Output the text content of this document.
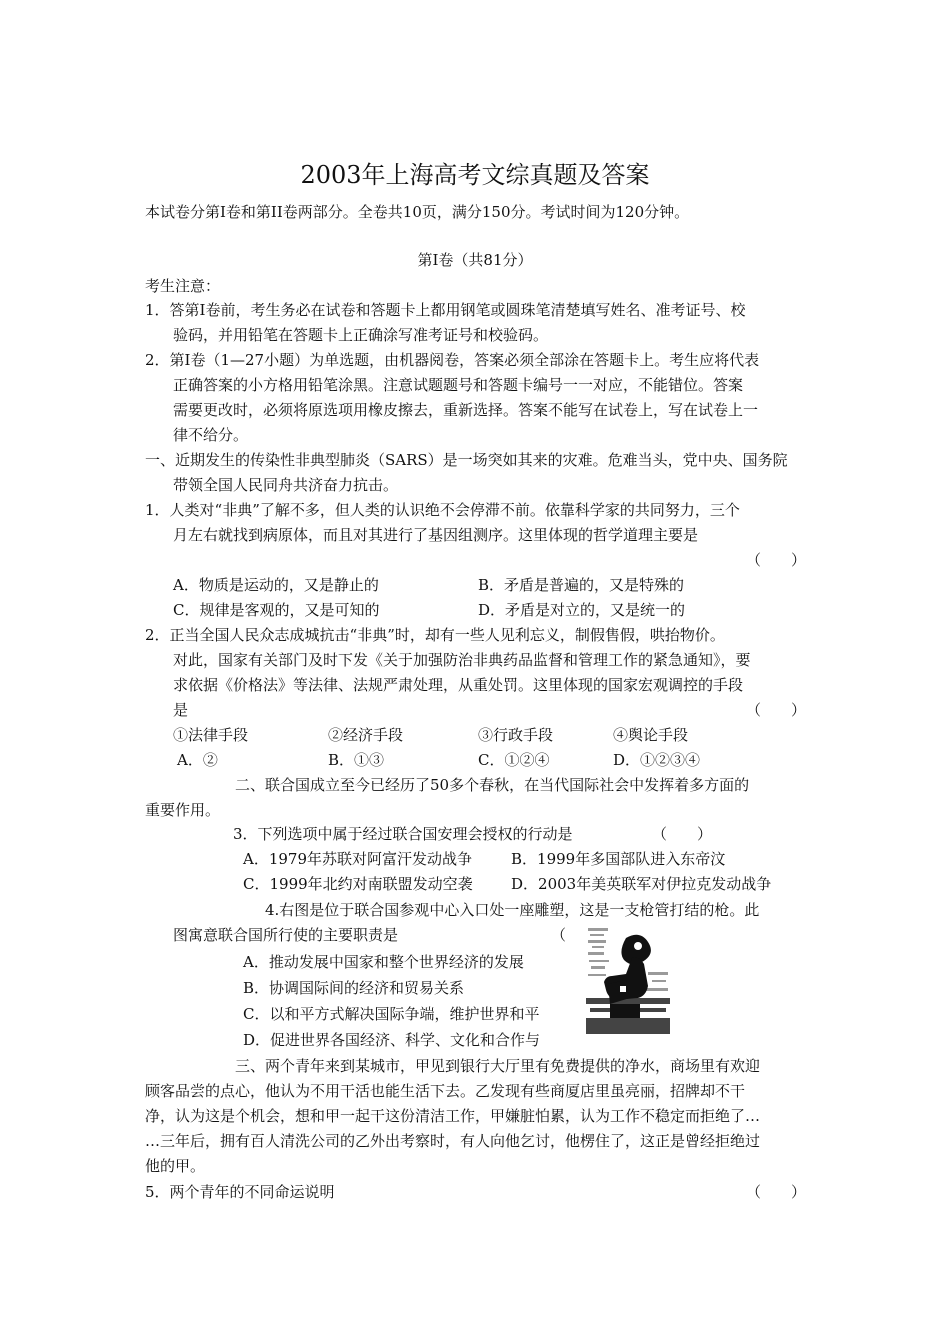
2003年上海高考文综真题及答案
本试卷分第I卷和第II卷两部分。全卷共10页，满分150分。考试时间为120分钟。
第I卷（共81分）
考生注意：
1．答第I卷前，考生务必在试卷和答题卡上都用钢笔或圆珠笔清楚填写姓名、准考证号、校
验码，并用铅笔在答题卡上正确涂写准考证号和校验码。
2．第I卷（1—27小题）为单选题，由机器阅卷，答案必须全部涂在答题卡上。考生应将代表
正确答案的小方格用铅笔涂黑。注意试题题号和答题卡编号一一对应，不能错位。答案
需要更改时，必须将原选项用橡皮擦去，重新选择。答案不能写在试卷上，写在试卷上一
律不给分。
一、近期发生的传染性非典型肺炎（SARS）是一场突如其来的灾难。危难当头，党中央、国务院
带领全国人民同舟共济奋力抗击。
1．人类对“非典”了解不多，但人类的认识绝不会停滞不前。依靠科学家的共同努力，三个
月左右就找到病原体，而且对其进行了基因组测序。这里体现的哲学道理主要是
（　　）
A．物质是运动的，又是静止的	B．矛盾是普遍的，又是特殊的
C．规律是客观的，又是可知的	D．矛盾是对立的，又是统一的
2．正当全国人民众志成城抗击“非典”时，却有一些人见利忘义，制假售假，哄抬物价。
对此，国家有关部门及时下发《关于加强防治非典药品监督和管理工作的紧急通知》，要
求依据《价格法》等法律、法规严肃处理，从重处罚。这里体现的国家宏观调控的手段
是	（　　）
①法律手段	②经济手段	③行政手段	④舆论手段
A．②	B．①③	C．①②④	D．①②③④
二、联合国成立至今已经历了50多个春秋，在当代国际社会中发挥着多方面的
重要作用。
3．下列选项中属于经过联合国安理会授权的行动是	（　　）
A．1979年苏联对阿富汗发动战争	B．1999年多国部队进入东帝汶
C．1999年北约对南联盟发动空袭	D．2003年美英联军对伊拉克发动战争
4.右图是位于联合国参观中心入口处一座雕塑，这是一支枪管打结的枪。此
图寓意联合国所行使的主要职责是	（
A．推动发展中国家和整个世界经济的发展
B．协调国际间的经济和贸易关系
C．以和平方式解决国际争端，维护世界和平
D．促进世界各国经济、科学、文化和合作与
三、两个青年来到某城市，甲见到银行大厅里有免费提供的净水，商场里有欢迎
顾客品尝的点心，他认为不用干活也能生活下去。乙发现有些商厦店里虽亮丽，招牌却不干
净，认为这是个机会，想和甲一起干这份清洁工作，甲嫌脏怕累，认为工作不稳定而拒绝了…
…三年后，拥有百人清洗公司的乙外出考察时，有人向他乞讨，他楞住了，这正是曾经拒绝过
他的甲。
5．两个青年的不同命运说明	（　　）
